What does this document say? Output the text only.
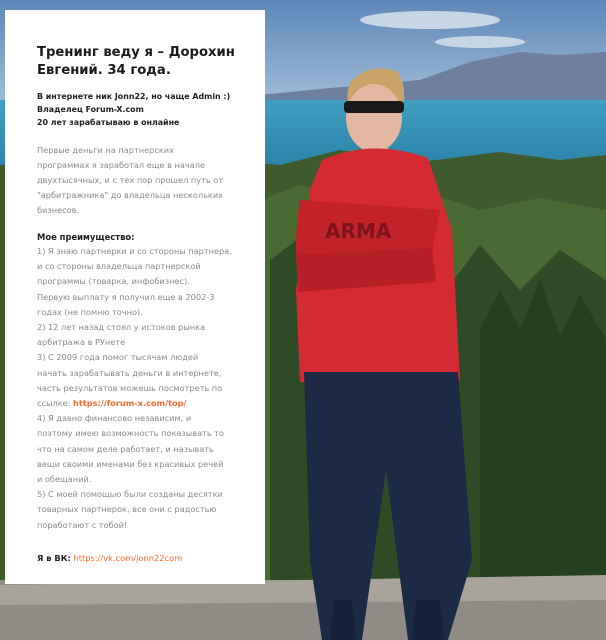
ARMA
Тренинг веду я – Дорохин Евгений. 34 года.
В интернете ник Jonn22, но чаще Admin :)
Владелец Forum-X.com
20 лет зарабатываю в онлайне
Первые деньги на партнерских
программах я заработал еще в начале
двухтысячных, и с тех пор прошел путь от
"арбитражника" до владельца нескольких
бизнесов.
Мое преимущество:
1) Я знаю партнерки и со стороны партнера,
и со стороны владельца партнерской
программы (товарка, инфобизнес).
Первую выплату я получил еще в 2002-3
годах (не помню точно).
2) 12 лет назад стоял у истоков рынка
арбитража в РУнете
3) С 2009 года помог тысячам людей
начать зарабатывать деньги в интернете,
часть результатов можешь посмотреть по
ссылке: https://forum-x.com/top/
4) Я давно финансово независим, и
поэтому имею возможность показывать то
что на самом деле работает, и называть
вещи своими именами без красивых речей
и обещаний.
5) С моей помощью были созданы десятки
товарных партнерок, все они с радостью
поработают с тобой!
Я в ВК: https://vk.com/jonn22com
